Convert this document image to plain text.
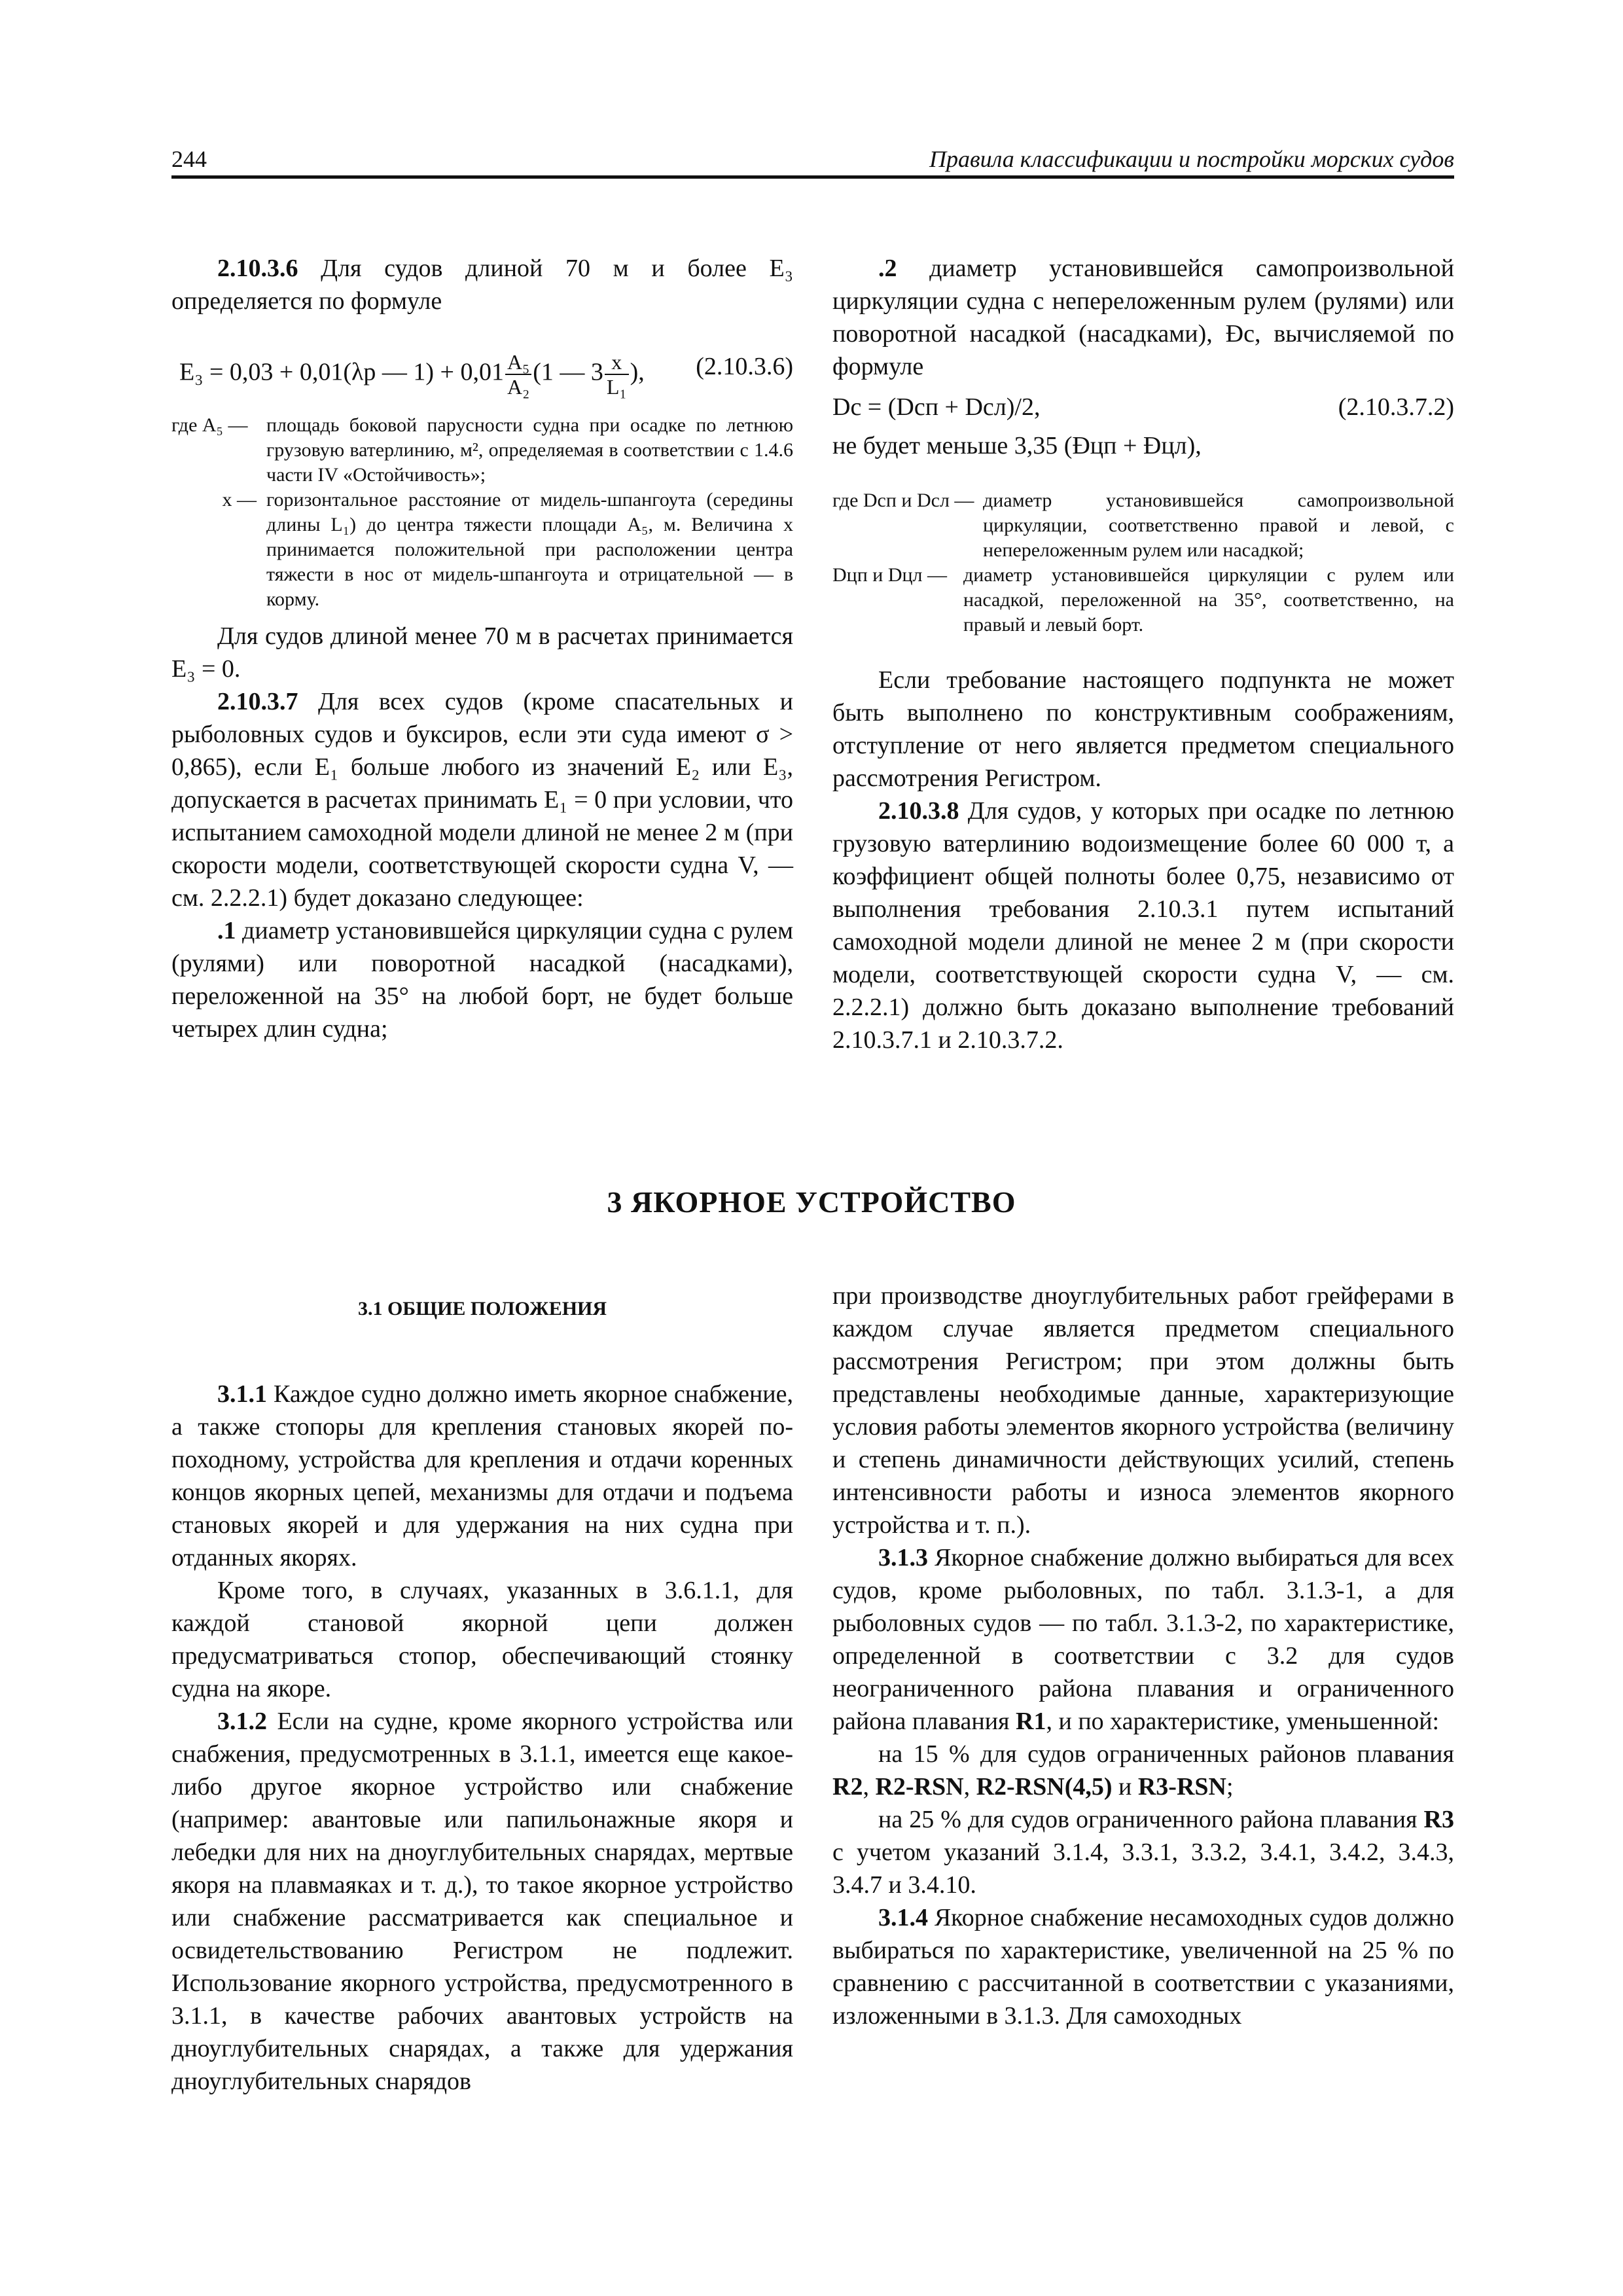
244	Правила классификации и постройки морских судов

2.10.3.6 Для судов длиной 70 м и более E₃ определяется по формуле

E₃ = 0,03 + 0,01(λр — $1) + 0,01 \frac{\text{A₅}}{\text{A₂}} (1$ — $3 \frac{x}{\text{L₁}}$ ), (2.10.3.6)
где A₅ — площадь боковой парусности судна при осадке по летнюю грузовую ватерлинию, м², определяемая в соответствии с 1.4.6 части IV «Остойчивость»;
x — горизонтальное расстояние от мидель-шпангоута (середины длины L₁) до центра тяжести площади A₅, м. Величина x принимается положительной при расположении центра тяжести в нос от мидель-шпангоута и отрицательной — в корму.

Для судов длиной менее 70 м в расчетах принимается E₃ = 0.

2.10.3.7 Для всех судов (кроме спасательных и рыболовных судов и буксиров, если эти суда имеют σ > 0,865), если E₁ больше любого из значений E₂ или E₃, допускается в расчетах принимать E₁ = 0 при условии, что испытанием самоходной модели длиной не менее 2 м (при скорости модели, соответствующей скорости судна V, — см. 2.2.2.1) будет доказано следующее:

.1 диаметр установившейся циркуляции судна с рулем (рулями) или поворотной насадкой (насадками), переложенной на 35° на любой борт, не будет больше четырех длин судна;

.2 диаметр установившейся самопроизвольной циркуляции судна с непереложенным рулем (рулями) или поворотной насадкой (насадками), Ðс, вычисляемой по формуле

Dс = (Dсп + Dсл)/2,	(2.10.3.7.2)

не будет меньше 3,35 (Ðцп + Ðцл),

где Dсп и Dсл — диаметр установившейся самопроизвольной циркуляции, соответственно правой и левой, с непереложенным рулем или насадкой;
Dцп и Dцл — диаметр установившейся циркуляции с рулем или насадкой, переложенной на 35°, соответственно, на правый и левый борт.

Если требование настоящего подпункта не может быть выполнено по конструктивным соображениям, отступление от него является предметом специального рассмотрения Регистром.

2.10.3.8 Для судов, у которых при осадке по летнюю грузовую ватерлинию водоизмещение более 60 000 т, а коэффициент общей полноты более 0,75, независимо от выполнения требования 2.10.3.1 путем испытаний самоходной модели длиной не менее 2 м (при скорости модели, соответствующей скорости судна V, — см. 2.2.2.1) должно быть доказано выполнение требований 2.10.3.7.1 и 2.10.3.7.2.

3 ЯКОРНОЕ УСТРОЙСТВО

при производстве дноуглубительных работ грейферами в каждом случае является предметом специального рассмотрения Регистром; при этом должны быть представлены необходимые данные, характеризующие условия работы элементов якорного устройства (величину и степень динамичности действующих усилий, степень интенсивности работы и износа элементов якорного устройства и т. п.).

3.1.3 Якорное снабжение должно выбираться для всех судов, кроме рыболовных, по табл. 3.1.3-1, а для рыболовных судов — по табл. 3.1.3-2, по характеристике, определенной в соответствии с 3.2 для судов неограниченного района плавания и ограниченного района плавания R1, и по характеристике, уменьшенной:

на 15 % для судов ограниченных районов плавания R2, R2-RSN, R2-RSN(4,5) и R3-RSN;

на 25 % для судов ограниченного района плавания R3 с учетом указаний 3.1.4, 3.3.1, 3.3.2, 3.4.1, 3.4.2, 3.4.3, 3.4.7 и 3.4.10.

3.1.4 Якорное снабжение несамоходных судов должно выбираться по характеристике, увеличенной на 25 % по сравнению с рассчитанной в соответствии с указаниями, изложенными в 3.1.3. Для самоходных

3.1 ОБЩИЕ ПОЛОЖЕНИЯ

3.1.1 Каждое судно должно иметь якорное снабжение, а также стопоры для крепления становых якорей по-походному, устройства для крепления и отдачи коренных концов якорных цепей, механизмы для отдачи и подъема становых якорей и для удержания на них судна при отданных якорях.

Кроме того, в случаях, указанных в 3.6.1.1, для каждой становой якорной цепи должен предусматриваться стопор, обеспечивающий стоянку судна на якоре.

3.1.2 Если на судне, кроме якорного устройства или снабжения, предусмотренных в 3.1.1, имеется еще какое-либо другое якорное устройство или снабжение (например: авантовые или папильонажные якоря и лебедки для них на дноуглубительных снарядах, мертвые якоря на плавмаяках и т. д.), то такое якорное устройство или снабжение рассматривается как специальное и освидетельствованию Регистром не подлежит. Использование якорного устройства, предусмотренного в 3.1.1, в качестве рабочих авантовых устройств на дноуглубительных снарядах, а также для удержания дноуглубительных снарядов
